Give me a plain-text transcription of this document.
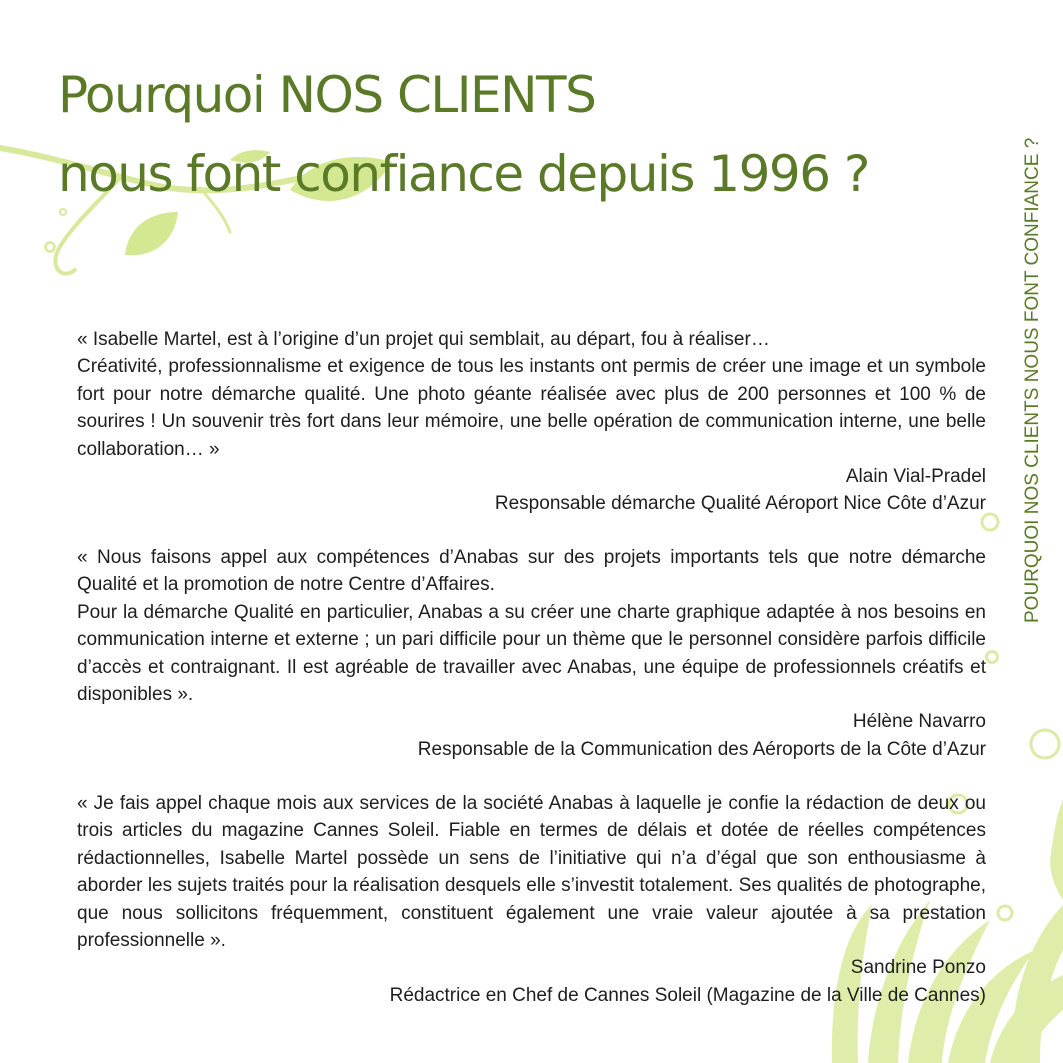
Pourquoi NOS CLIENTS
nous font confiance depuis 1996 ?	POURQUOI NOS CLIENTS NOUS FONT CONFIANCE ?

« Isabelle Martel, est à l’origine d’un projet qui semblait, au départ, fou à réaliser…

Créativité, professionnalisme et exigence de tous les instants ont permis de créer une image et un symbole fort pour notre démarche qualité. Une photo géante réalisée avec plus de 200 personnes et 100 % de sourires ! Un souvenir très fort dans leur mémoire, une belle opération de communication interne, une belle collaboration… »

Alain Vial-Pradel

Responsable démarche Qualité Aéroport Nice Côte d’Azur

« Nous faisons appel aux compétences d’Anabas sur des projets importants tels que notre démarche Qualité et la promotion de notre Centre d’Affaires.

Pour la démarche Qualité en particulier, Anabas a su créer une charte graphique adaptée à nos besoins en communication interne et externe ; un pari difficile pour un thème que le personnel considère parfois difficile d’accès et contraignant. Il est agréable de travailler avec Anabas, une équipe de professionnels créatifs et disponibles ».

Hélène Navarro

Responsable de la Communication des Aéroports de la Côte d’Azur

« Je fais appel chaque mois aux services de la société Anabas à laquelle je confie la rédaction de deux ou trois articles du magazine Cannes Soleil. Fiable en termes de délais et dotée de réelles compétences rédactionnelles, Isabelle Martel possède un sens de l’initiative qui n’a d’égal que son enthousiasme à aborder les sujets traités pour la réalisation desquels elle s’investit totalement. Ses qualités de photographe, que nous sollicitons fréquemment, constituent également une vraie valeur ajoutée à sa prestation professionnelle ».

Sandrine Ponzo

Rédactrice en Chef de Cannes Soleil (Magazine de la Ville de Cannes)
